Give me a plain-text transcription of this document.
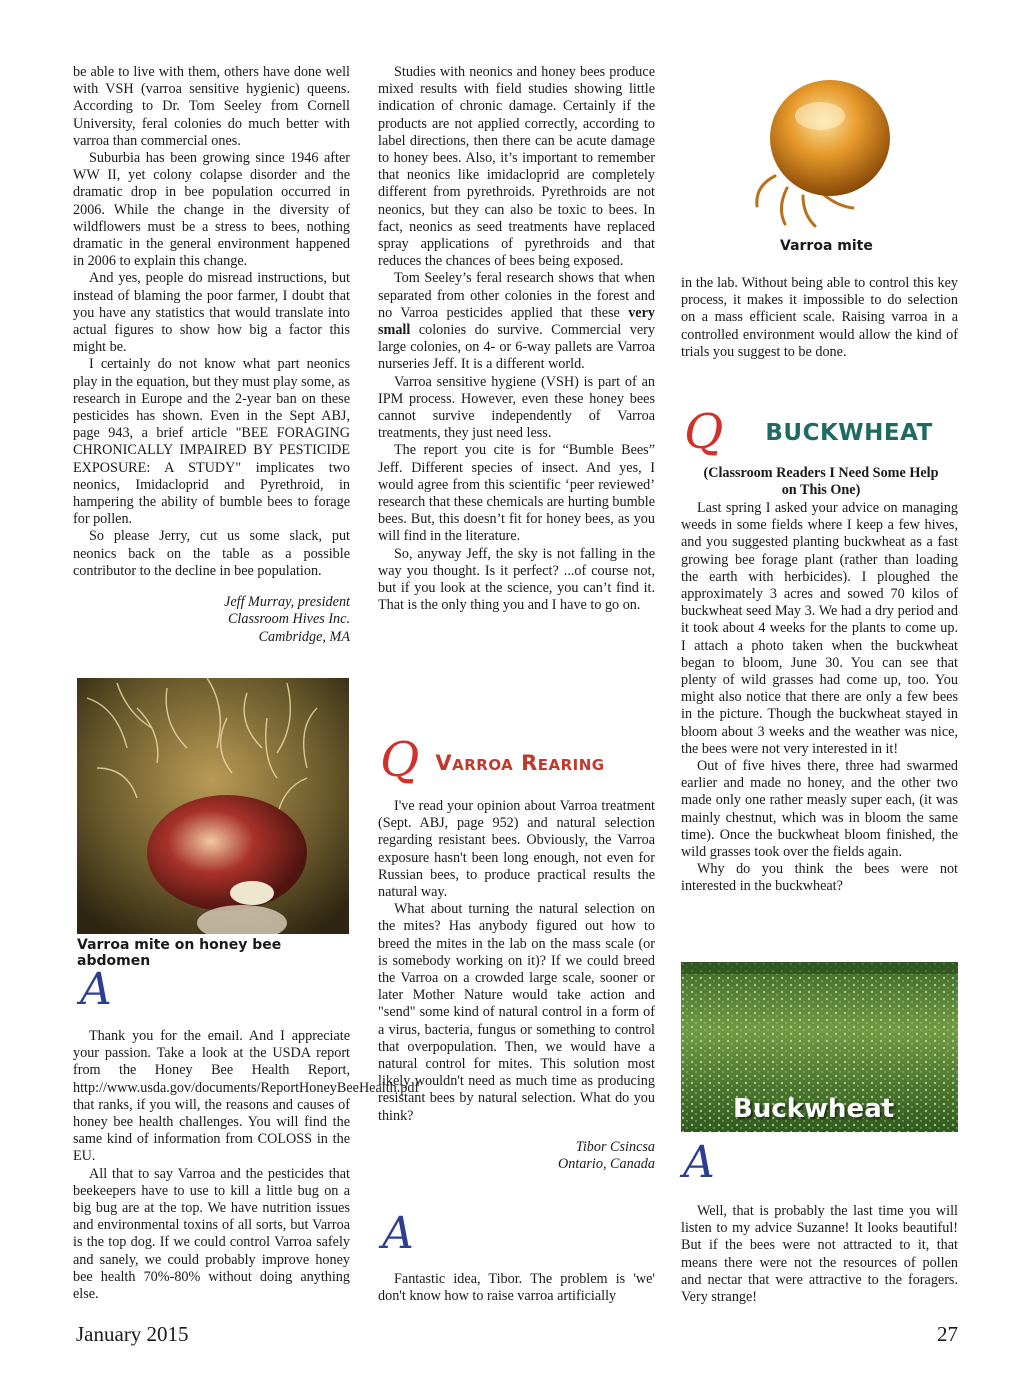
be able to live with them, others have done well with VSH (varroa sensitive hygienic) queens. According to Dr. Tom Seeley from Cornell University, feral colonies do much better with varroa than commercial ones.

Suburbia has been growing since 1946 after WW II, yet colony colapse disorder and the dramatic drop in bee population occurred in 2006. While the change in the diversity of wildflowers must be a stress to bees, nothing dramatic in the general environment happened in 2006 to explain this change.

And yes, people do misread instructions, but instead of blaming the poor farmer, I doubt that you have any statistics that would translate into actual figures to show how big a factor this might be.

I certainly do not know what part neonics play in the equation, but they must play some, as research in Europe and the 2-year ban on these pesticides has shown. Even in the Sept ABJ, page 943, a brief article "BEE FORAGING CHRONICALLY IMPAIRED BY PESTICIDE EXPOSURE: A STUDY" implicates two neonics, Imidacloprid and Pyrethroid, in hampering the ability of bumble bees to forage for pollen.

So please Jerry, cut us some slack, put neonics back on the table as a possible contributor to the decline in bee population.

Jeff Murray, president
Classroom Hives Inc.
Cambridge, MA
Varroa mite on honey bee abdomen
A

Thank you for the email. And I appreciate your passion. Take a look at the USDA report from the Honey Bee Health Report, http://www.usda.gov/documents/ReportHoneyBeeHealth.pdf that ranks, if you will, the reasons and causes of honey bee health challenges. You will find the same kind of information from COLOSS in the EU.

All that to say Varroa and the pesticides that beekeepers have to use to kill a little bug on a big bug are at the top. We have nutrition issues and environmental toxins of all sorts, but Varroa is the top dog. If we could control Varroa safely and sanely, we could probably improve honey bee health 70%-80% without doing anything else.

Studies with neonics and honey bees produce mixed results with field studies showing little indication of chronic damage. Certainly if the products are not applied correctly, according to label directions, then there can be acute damage to honey bees. Also, it’s important to remember that neonics like imidacloprid are completely different from pyrethroids. Pyrethroids are not neonics, but they can also be toxic to bees. In fact, neonics as seed treatments have replaced spray applications of pyrethroids and that reduces the chances of bees being exposed.

Tom Seeley’s feral research shows that when separated from other colonies in the forest and no Varroa pesticides applied that these very small colonies do survive. Commercial very large colonies, on 4- or 6-way pallets are Varroa nurseries Jeff. It is a different world.

Varroa sensitive hygiene (VSH) is part of an IPM process. However, even these honey bees cannot survive independently of Varroa treatments, they just need less.

The report you cite is for “Bumble Bees” Jeff. Different species of insect. And yes, I would agree from this scientific ‘peer reviewed’ research that these chemicals are hurting bumble bees. But, this doesn’t fit for honey bees, as you will find in the literature.

So, anyway Jeff, the sky is not falling in the way you thought. Is it perfect? ...of course not, but if you look at the science, you can’t find it. That is the only thing you and I have to go on.

Q Varroa Rearing

I've read your opinion about Varroa treatment (Sept. ABJ, page 952) and natural selection regarding resistant bees. Obviously, the Varroa exposure hasn't been long enough, not even for Russian bees, to produce practical results the natural way.

What about turning the natural selection on the mites? Has anybody figured out how to breed the mites in the lab on the mass scale (or is somebody working on it)? If we could breed the Varroa on a crowded large scale, sooner or later Mother Nature would take action and "send" some kind of natural control in a form of a virus, bacteria, fungus or something to control that overpopulation. Then, we would have a natural control for mites. This solution most likely wouldn't need as much time as producing resistant bees by natural selection. What do you think?

Tibor Csincsa
Ontario, Canada
A

Fantastic idea, Tibor. The problem is 'we' don't know how to raise varroa artificially

Varroa mite

in the lab. Without being able to control this key process, it makes it impossible to do selection on a mass efficient scale. Raising varroa in a controlled environment would allow the kind of trials you suggest to be done.

Q BUCKWHEAT
(Classroom Readers I Need Some Help on This One)

Last spring I asked your advice on managing weeds in some fields where I keep a few hives, and you suggested planting buckwheat as a fast growing bee forage plant (rather than loading the earth with herbicides). I ploughed the approximately 3 acres and sowed 70 kilos of buckwheat seed May 3. We had a dry period and it took about 4 weeks for the plants to come up. I attach a photo taken when the buckwheat began to bloom, June 30. You can see that plenty of wild grasses had come up, too. You might also notice that there are only a few bees in the picture. Though the buckwheat stayed in bloom about 3 weeks and the weather was nice, the bees were not very interested in it!

Out of five hives there, three had swarmed earlier and made no honey, and the other two made only one rather measly super each, (it was mainly chestnut, which was in bloom the same time). Once the buckwheat bloom finished, the wild grasses took over the fields again.

Why do you think the bees were not interested in the buckwheat?

Buckwheat
A

Well, that is probably the last time you will listen to my advice Suzanne! It looks beautiful! But if the bees were not attracted to it, that means there were not the resources of pollen and nectar that were attractive to the foragers. Very strange!

January 2015	27
